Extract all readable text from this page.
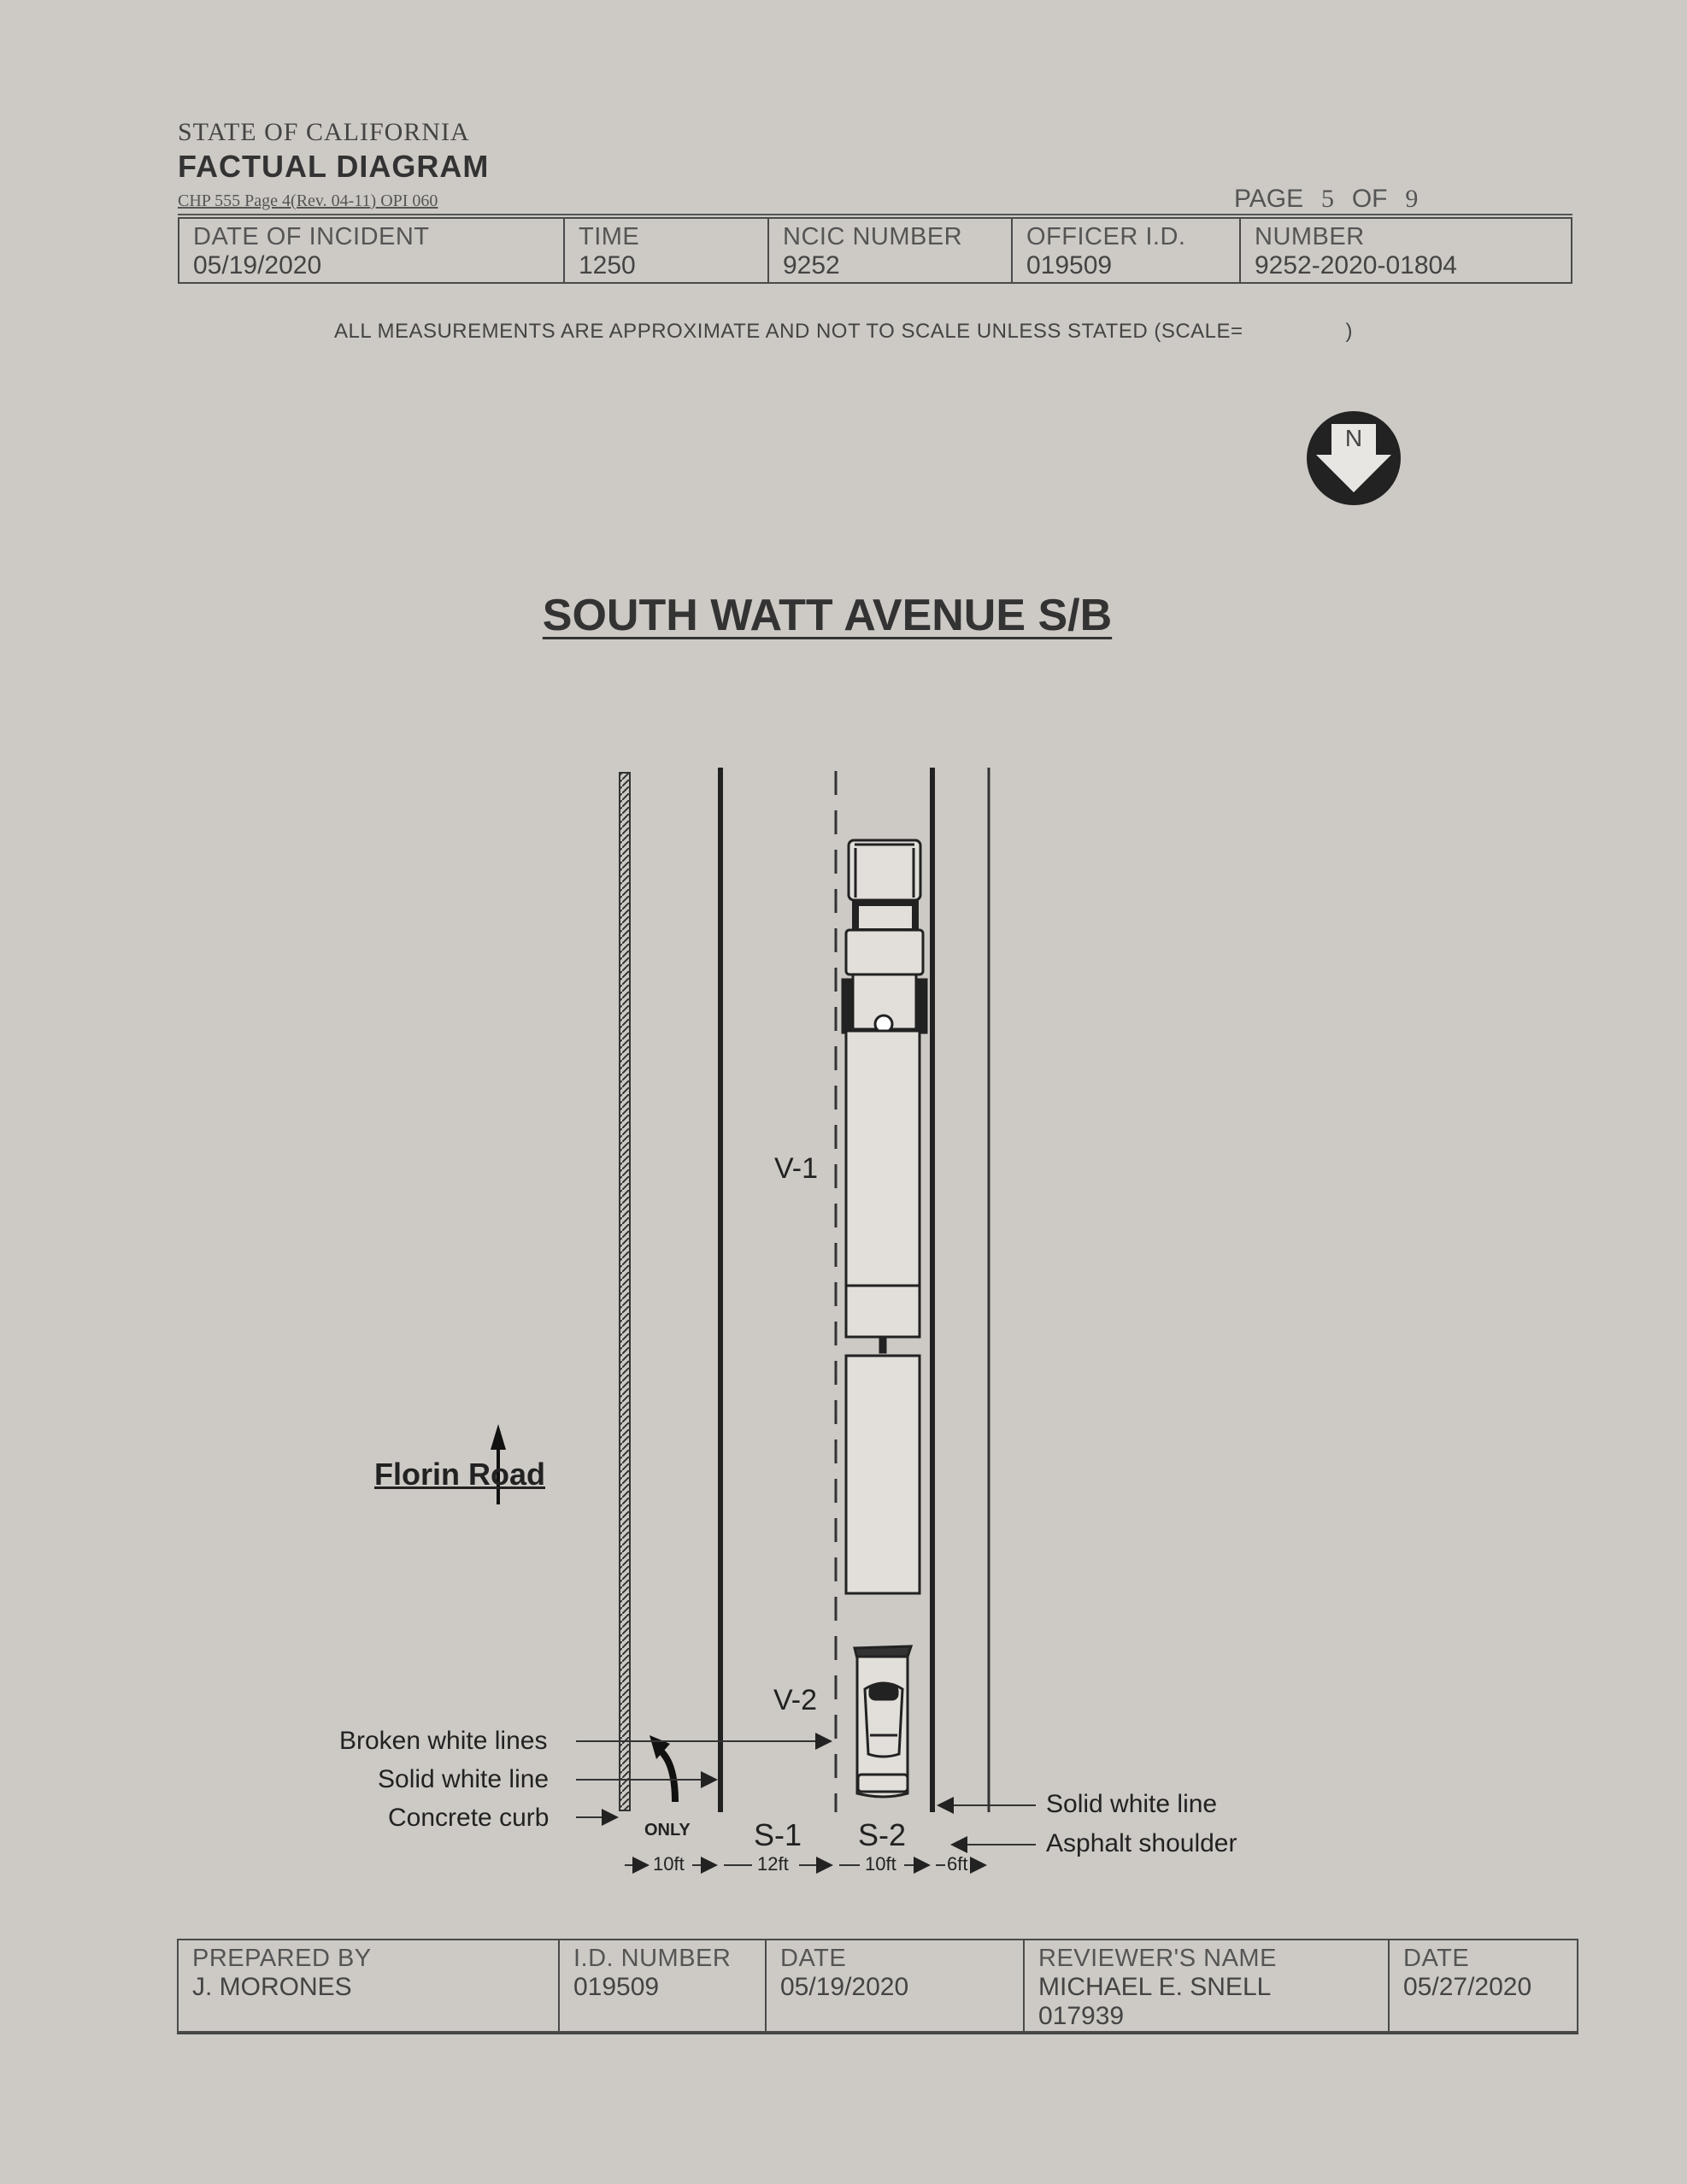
STATE OF CALIFORNIA
FACTUAL DIAGRAM
CHP 555 Page 4(Rev. 04-11) OPI 060	PAGE 5 OF 9
DATE OF INCIDENT
05/19/2020

TIME
1250

NCIC NUMBER
9252

OFFICER I.D.
019509

NUMBER
9252-2020-01804
ALL MEASUREMENTS ARE APPROXIMATE AND NOT TO SCALE UNLESS STATED (SCALE=	)
N
SOUTH WATT AVENUE S/B
V-1
V-2
Florin Road
Broken white lines
Solid white line
Concrete curb	Solid white line
Asphalt shoulder
ONLY S-1 S-2
10ft	12ft	10ft	6ft
PREPARED BY
J. MORONES

I.D. NUMBER
019509

DATE
05/19/2020

REVIEWER'S NAME
MICHAEL E. SNELL
017939

DATE
05/27/2020
